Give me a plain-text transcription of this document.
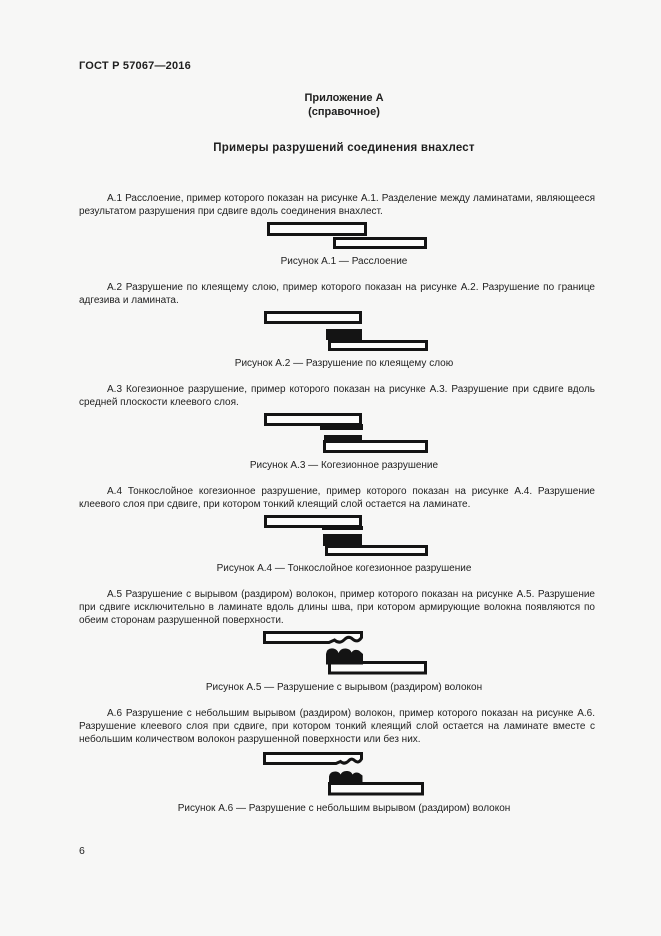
ГОСТ Р 57067—2016
Приложение А
(справочное)
Примеры разрушений соединения внахлест

А.1 Расслоение, пример которого показан на рисунке А.1. Разделение между ламинатами, являющееся результатом разрушения при сдвиге вдоль соединения внахлест.

Рисунок А.1 — Расслоение

А.2 Разрушение по клеящему слою, пример которого показан на рисунке А.2. Разрушение по границе адгезива и ламината.

Рисунок А.2 — Разрушение по клеящему слою

А.3 Когезионное разрушение, пример которого показан на рисунке А.3. Разрушение при сдвиге вдоль средней плоскости клеевого слоя.

Рисунок А.3 — Когезионное разрушение

А.4 Тонкослойное когезионное разрушение, пример которого показан на рисунке А.4. Разрушение клеевого слоя при сдвиге, при котором тонкий клеящий слой остается на ламинате.

Рисунок А.4 — Тонкослойное когезионное разрушение

А.5 Разрушение с вырывом (раздиром) волокон, пример которого показан на рисунке А.5. Разрушение при сдвиге исключительно в ламинате вдоль длины шва, при котором армирующие волокна появляются по обеим сторонам разрушенной поверхности.

Рисунок А.5 — Разрушение с вырывом (раздиром) волокон

А.6 Разрушение с небольшим вырывом (раздиром) волокон, пример которого показан на рисунке А.6. Разрушение клеевого слоя при сдвиге, при котором тонкий клеящий слой остается на ламинате вместе с небольшим количеством волокон разрушенной поверхности или без них.

Рисунок А.6 — Разрушение с небольшим вырывом (раздиром) волокон

6
